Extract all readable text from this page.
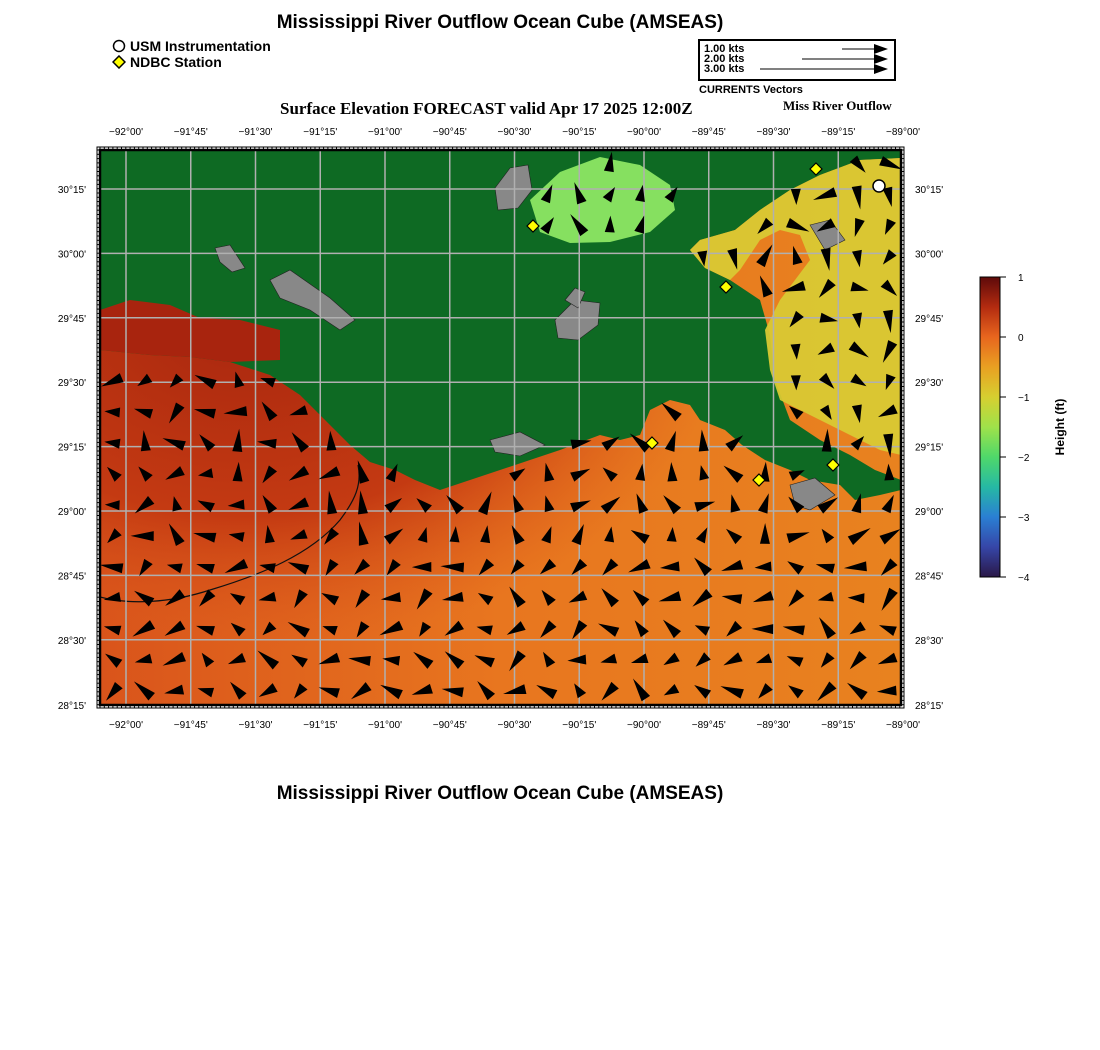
Mississippi River Outflow Ocean Cube (AMSEAS)
Mississippi River Outflow Ocean Cube (AMSEAS)
USM Instrumentation
NDBC Station
1.00 kts
2.00 kts
3.00 kts
CURRENTS Vectors
Surface Elevation FORECAST valid Apr 17 2025 12:00Z	Miss River Outflow
−92°00'	−91°45'	−91°30'	−91°15'	−91°00'	−90°45'	−90°30'	−90°15'	−90°00'	−89°45'	−89°30'	−89°15'	−89°00'
−92°00'	−91°45'	−91°30'	−91°15'	−91°00'	−90°45'	−90°30'	−90°15'	−90°00'	−89°45'	−89°30'	−89°15'	−89°00'
30°15'
30°00'
29°45'
29°30'
29°15'
29°00'
28°45'
28°30'
28°15'
30°15'
30°00'
29°45'
29°30'
29°15'
29°00'
28°45'
28°30'
28°15'
1
0
−1
−2
−3
−4
Height (ft)
